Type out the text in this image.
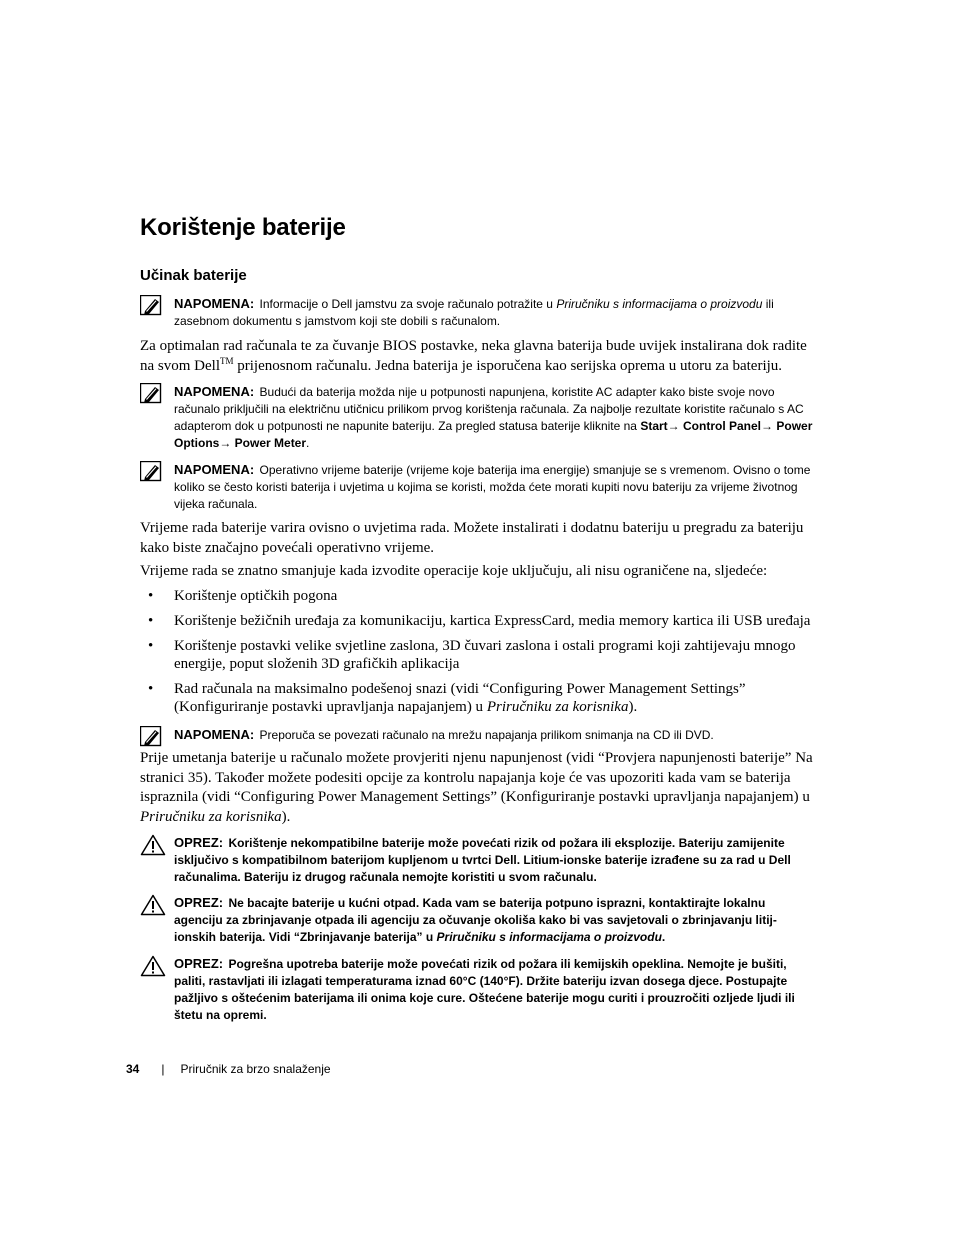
Korištenje baterije
Učinak baterije
NAPOMENA: Informacije o Dell jamstvu za svoje računalo potražite u Priručniku s informacijama o proizvodu ili zasebnom dokumentu s jamstvom koji ste dobili s računalom.

Za optimalan rad računala te za čuvanje BIOS postavke, neka glavna baterija bude uvijek instalirana dok radite na svom Dell™ prijenosnom računalu. Jedna baterija je isporučena kao serijska oprema u utoru za bateriju.

NAPOMENA: Budući da baterija možda nije u potpunosti napunjena, koristite AC adapter kako biste svoje novo računalo priključili na električnu utičnicu prilikom prvog korištenja računala. Za najbolje rezultate koristite računalo s AC adapterom dok u potpunosti ne napunite bateriju. Za pregled statusa baterije kliknite na Start→ Control Panel→ Power Options→ Power Meter.
NAPOMENA: Operativno vrijeme baterije (vrijeme koje baterija ima energije) smanjuje se s vremenom. Ovisno o tome koliko se često koristi baterija i uvjetima u kojima se koristi, možda ćete morati kupiti novu bateriju za vrijeme životnog vijeka računala.

Vrijeme rada baterije varira ovisno o uvjetima rada. Možete instalirati i dodatnu bateriju u pregradu za bateriju kako biste značajno povećali operativno vrijeme.

Vrijeme rada se znatno smanjuje kada izvodite operacije koje uključuju, ali nisu ograničene na, sljedeće:

• Korištenje optičkih pogona
• Korištenje bežičnih uređaja za komunikaciju, kartica ExpressCard, media memory kartica ili USB uređaja
• Korištenje postavki velike svjetline zaslona, 3D čuvari zaslona i ostali programi koji zahtijevaju mnogo energije, poput složenih 3D grafičkih aplikacija
• Rad računala na maksimalno podešenoj snazi (vidi “Configuring Power Management Settings” (Konfiguriranje postavki upravljanja napajanjem) u Priručniku za korisnika).
NAPOMENA: Preporuča se povezati računalo na mrežu napajanja prilikom snimanja na CD ili DVD.

Prije umetanja baterije u računalo možete provjeriti njenu napunjenost (vidi “Provjera napunjenosti baterije” Na stranici 35). Također možete podesiti opcije za kontrolu napajanja koje će vas upozoriti kada vam se baterija ispraznila (vidi “Configuring Power Management Settings” (Konfiguriranje postavki upravljanja napajanjem) u Priručniku za korisnika).

OPREZ: Korištenje nekompatibilne baterije može povećati rizik od požara ili eksplozije. Bateriju zamijenite isključivo s kompatibilnom baterijom kupljenom u tvrtci Dell. Litium-ionske baterije izrađene su za rad u Dell računalima. Bateriju iz drugog računala nemojte koristiti u svom računalu.
OPREZ: Ne bacajte baterije u kućni otpad. Kada vam se baterija potpuno isprazni, kontaktirajte lokalnu agenciju za zbrinjavanje otpada ili agenciju za očuvanje okoliša kako bi vas savjetovali o zbrinjavanju litij-ionskih baterija. Vidi “Zbrinjavanje baterija” u Priručniku s informacijama o proizvodu.
OPREZ: Pogrešna upotreba baterije može povećati rizik od požara ili kemijskih opeklina. Nemojte je bušiti, paliti, rastavljati ili izlagati temperaturama iznad 60°C (140°F). Držite bateriju izvan dosega djece. Postupajte pažljivo s oštećenim baterijama ili onima koje cure. Oštećene baterije mogu curiti i prouzročiti ozljede ljudi ili štetu na opremi.
34 | Priručnik za brzo snalaženje
